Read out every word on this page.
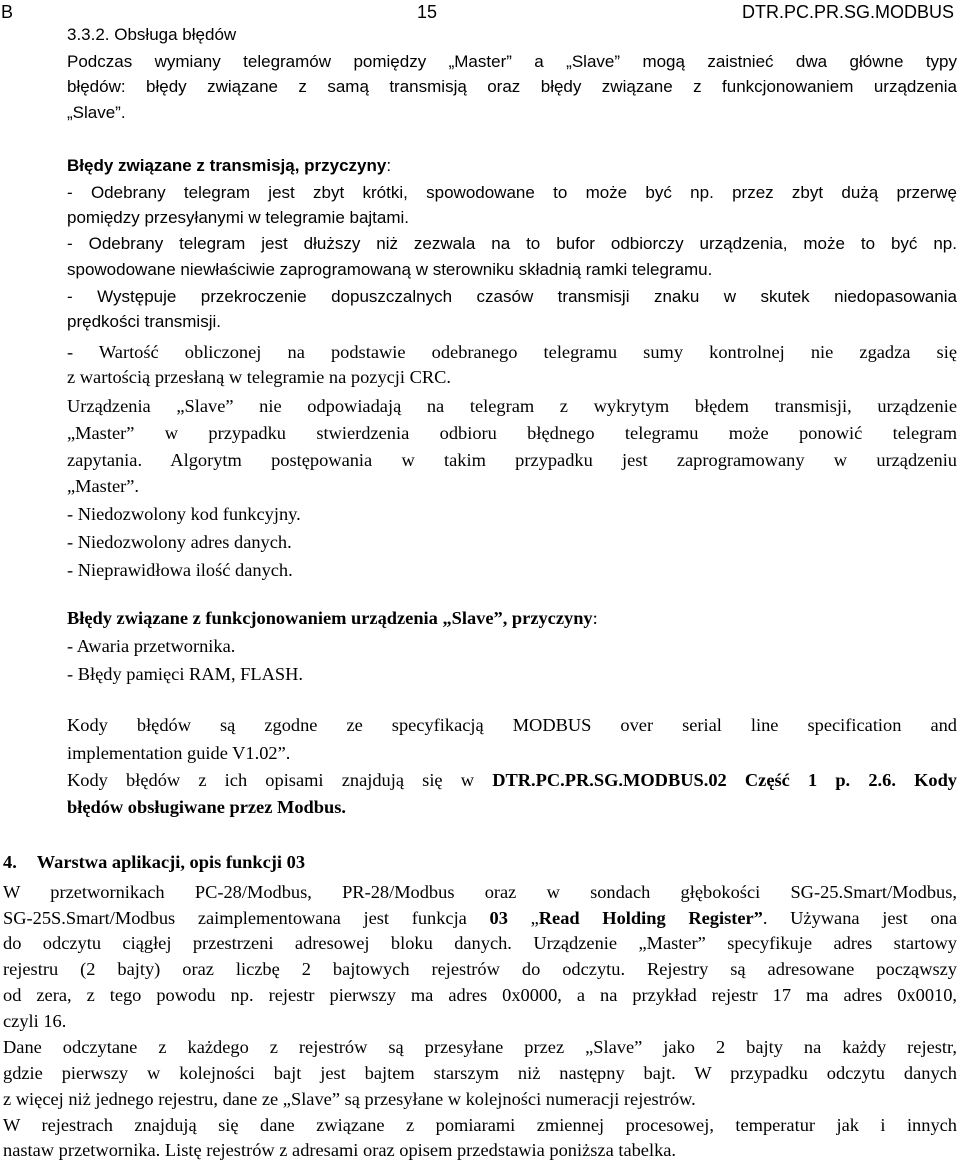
B	15	DTR.PC.PR.SG.MODBUS
3.3.2. Obsługa błędów
Podczas wymiany telegramów pomiędzy „Master” a „Slave” mogą zaistnieć dwa główne typy
błędów: błędy związane z samą transmisją oraz błędy związane z funkcjonowaniem urządzenia
„Slave”.
Błędy związane z transmisją, przyczyny:
- Odebrany telegram jest zbyt krótki, spowodowane to może być np. przez zbyt dużą przerwę
pomiędzy przesyłanymi w telegramie bajtami.
- Odebrany telegram jest dłuższy niż zezwala na to bufor odbiorczy urządzenia, może to być np.
spowodowane niewłaściwie zaprogramowaną w sterowniku składnią ramki telegramu.
- Występuje przekroczenie dopuszczalnych czasów transmisji znaku w skutek niedopasowania
prędkości transmisji.
- Wartość obliczonej na podstawie odebranego telegramu sumy kontrolnej nie zgadza się
z wartością przesłaną w telegramie na pozycji CRC.
Urządzenia „Slave” nie odpowiadają na telegram z wykrytym błędem transmisji, urządzenie
„Master” w przypadku stwierdzenia odbioru błędnego telegramu może ponowić telegram
zapytania. Algorytm postępowania w takim przypadku jest zaprogramowany w urządzeniu
„Master”.
- Niedozwolony kod funkcyjny.
- Niedozwolony adres danych.
- Nieprawidłowa ilość danych.
Błędy związane z funkcjonowaniem urządzenia „Slave”, przyczyny:
- Awaria przetwornika.
- Błędy pamięci RAM, FLASH.
Kody błędów są zgodne ze specyfikacją MODBUS over serial line specification and
implementation guide V1.02”.
Kody błędów z ich opisami znajdują się w DTR.PC.PR.SG.MODBUS.02 Część 1 p. 2.6. Kody
błędów obsługiwane przez Modbus.
4. Warstwa aplikacji, opis funkcji 03
W przetwornikach PC-28/Modbus, PR-28/Modbus oraz w sondach głębokości SG-25.Smart/Modbus,
SG-25S.Smart/Modbus zaimplementowana jest funkcja 03 „Read Holding Register”. Używana jest ona
do odczytu ciągłej przestrzeni adresowej bloku danych. Urządzenie „Master” specyfikuje adres startowy
rejestru (2 bajty) oraz liczbę 2 bajtowych rejestrów do odczytu. Rejestry są adresowane począwszy
od zera, z tego powodu np. rejestr pierwszy ma adres 0x0000, a na przykład rejestr 17 ma adres 0x0010,
czyli 16.
Dane odczytane z każdego z rejestrów są przesyłane przez „Slave” jako 2 bajty na każdy rejestr,
gdzie pierwszy w kolejności bajt jest bajtem starszym niż następny bajt. W przypadku odczytu danych
z więcej niż jednego rejestru, dane ze „Slave” są przesyłane w kolejności numeracji rejestrów.
W rejestrach znajdują się dane związane z pomiarami zmiennej procesowej, temperatur jak i innych
nastaw przetwornika. Listę rejestrów z adresami oraz opisem przedstawia poniższa tabelka.
